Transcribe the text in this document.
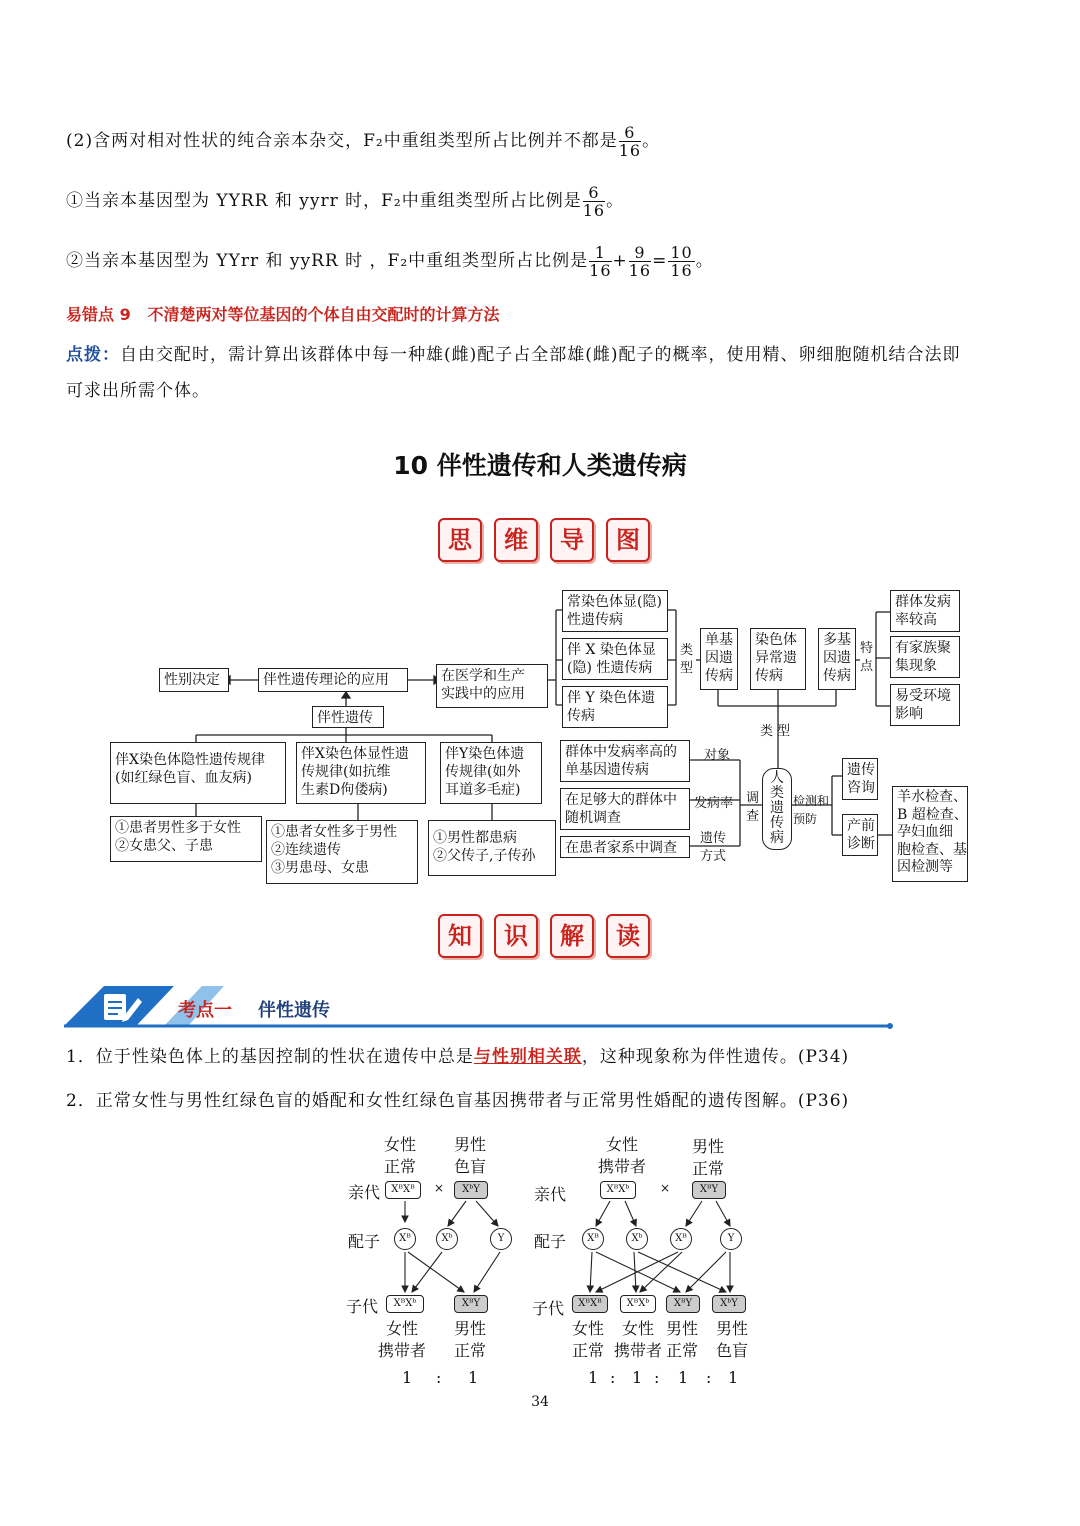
(2)含两对相对性状的纯合亲本杂交，F₂中重组类型所占比例并不都是 $\frac{6}{16}$ 。
①当亲本基因型为 YYRR 和 yyrr 时，F₂中重组类型所占比例是 $\frac{6}{16}$ 。
②当亲本基因型为 YYrr 和 yyRR 时 ，F₂中重组类型所占比例是 $\frac{1}{16} + \frac{9}{16} = \frac{10}{16}$ 。
易错点 9 不清楚两对等位基因的个体自由交配时的计算方法
点拨：自由交配时，需计算出该群体中每一种雄(雌)配子占全部雄(雌)配子的概率，使用精、卵细胞随机结合法即
可求出所需个体。
10 伴性遗传和人类遗传病
思 维 导 图
性别决定	伴性遗传理论的应用	在医学和生产
实践中的应用
伴性遗传
伴X染色体隐性遗传规律
(如红绿色盲、血友病)
伴X染色体显性遗
传规律(如抗维
生素D佝偻病)
伴Y染色体遗
传规律(如外
耳道多毛症)
①患者男性多于女性
②女患父、子患
①患者女性多于男性
②连续遗传
③男患母、女患
①男性都患病
②父传子,子传孙
常染色体显(隐)
性遗传病
伴 X 染色体显
(隐) 性遗传病
伴 Y 染色体遗
传病
类
型
单基
因遗
传病
染色体
异常遗
传病
多基
因遗
传病
特
点
群体发病
率较高
有家族聚
集现象
易受环境
影响
类 型
群体中发病率高的
单基因遗传病
对象
在足够大的群体中
随机调查
发病率
在患者家系中调查
遗传
方式
调
查
人
类
遗
传
病
检测和
预防
遗传
咨询
产前
诊断
羊水检查、
B 超检查、
孕妇血细
胞检查、基
因检测等
知 识 解 读
考点一 伴性遗传
1．位于性染色体上的基因控制的性状在遗传中总是与性别相关联，这种现象称为伴性遗传。(P34)
2．正常女性与男性红绿色盲的婚配和女性红绿色盲基因携带者与正常男性婚配的遗传图解。(P36)
女性
正常
男性
色盲
亲代	XᴮXᴮ	×	XᵇY
配子	Xᴮ	Xᵇ	Y
子代	XᴮXᵇ	XᴮY
女性
携带者
男性
正常
1 : 1
女性
携带者
男性
正常
亲代	XᴮXᵇ	×	XᴮY
配子	Xᴮ	Xᵇ	Xᴮ	Y
子代	XᴮXᴮ	XᴮXᵇ	XᴮY	XᵇY
女性
正常
女性
携带者
男性
正常
男性
色盲
1 : 1 : 1 : 1
34
